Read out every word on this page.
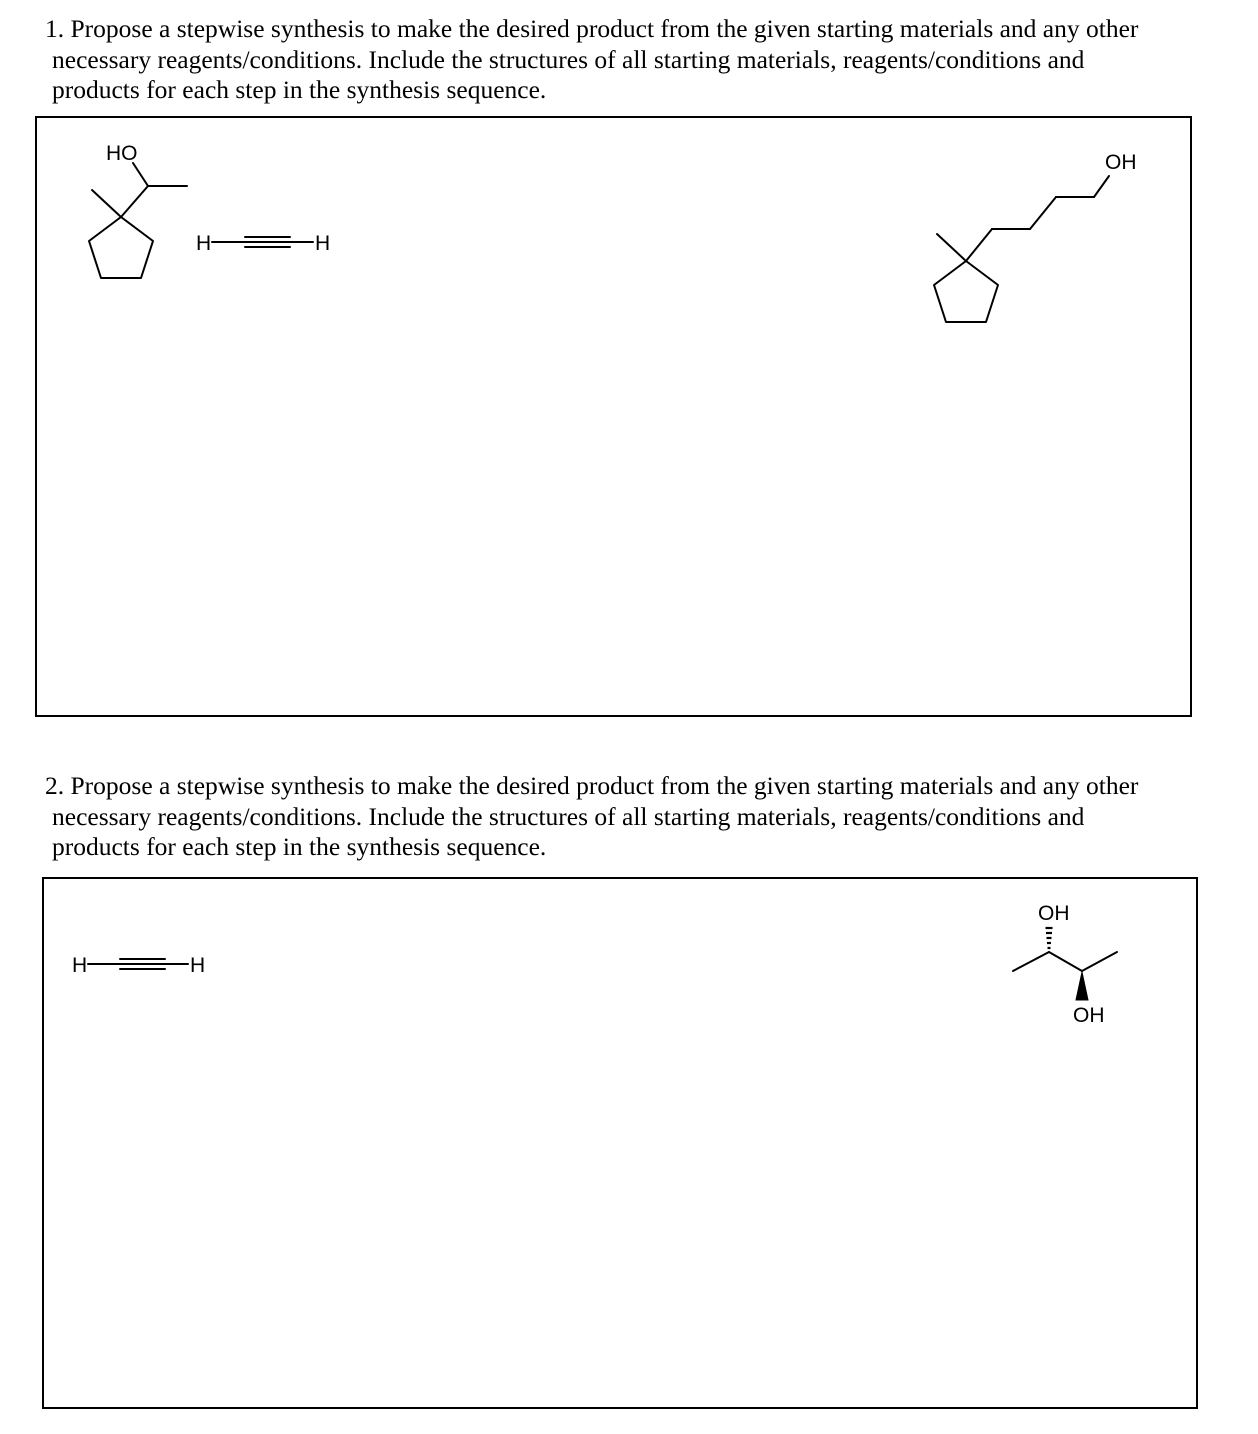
1. Propose a stepwise synthesis to make the desired product from the given starting materials and any other
necessary reagents/conditions. Include the structures of all starting materials, reagents/conditions and
products for each step in the synthesis sequence.

HO
H	H
OH

2. Propose a stepwise synthesis to make the desired product from the given starting materials and any other
necessary reagents/conditions. Include the structures of all starting materials, reagents/conditions and
products for each step in the synthesis sequence.

H	H
OH
OH
